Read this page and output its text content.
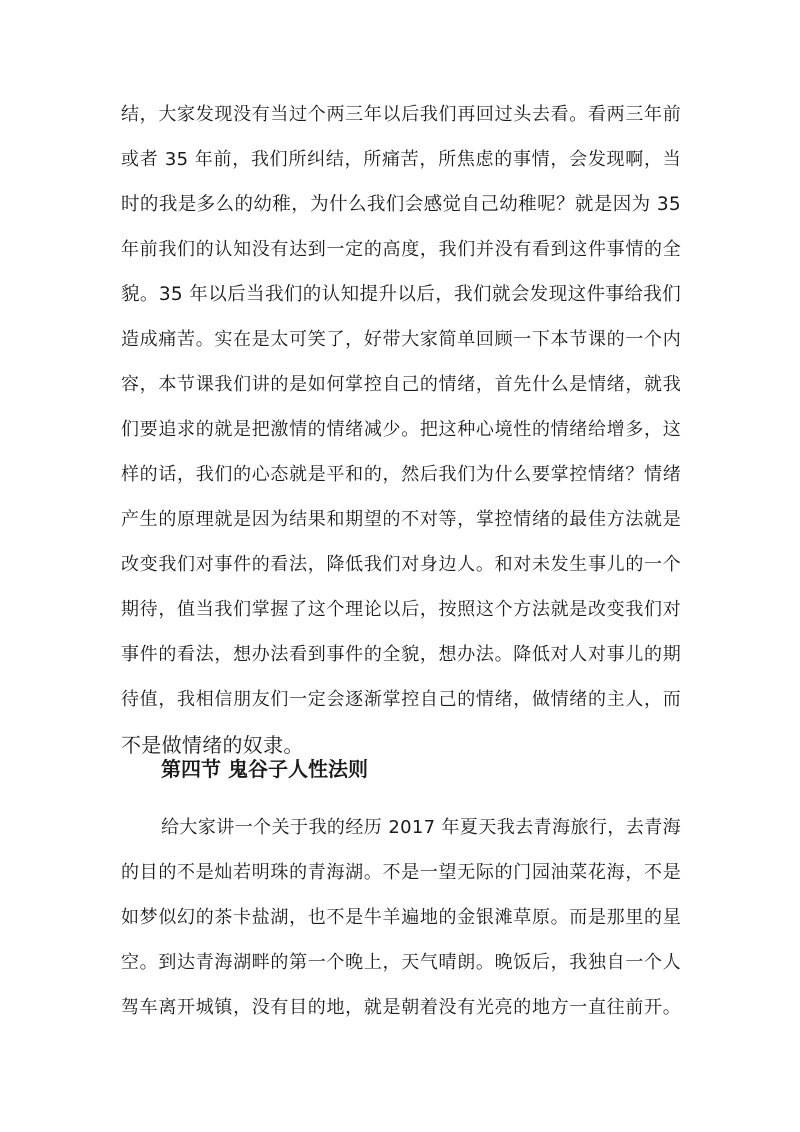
结，大家发现没有当过个两三年以后我们再回过头去看。看两三年前
或者 35 年前，我们所纠结，所痛苦，所焦虑的事情，会发现啊，当
时的我是多么的幼稚，为什么我们会感觉自己幼稚呢？就是因为 35
年前我们的认知没有达到一定的高度，我们并没有看到这件事情的全
貌。35 年以后当我们的认知提升以后，我们就会发现这件事给我们
造成痛苦。实在是太可笑了，好带大家简单回顾一下本节课的一个内
容，本节课我们讲的是如何掌控自己的情绪，首先什么是情绪，就我
们要追求的就是把激情的情绪减少。把这种心境性的情绪给增多，这
样的话，我们的心态就是平和的，然后我们为什么要掌控情绪？情绪
产生的原理就是因为结果和期望的不对等，掌控情绪的最佳方法就是
改变我们对事件的看法，降低我们对身边人。和对未发生事儿的一个
期待，值当我们掌握了这个理论以后，按照这个方法就是改变我们对
事件的看法，想办法看到事件的全貌，想办法。降低对人对事儿的期
待值，我相信朋友们一定会逐渐掌控自己的情绪，做情绪的主人，而
不是做情绪的奴隶。
第四节 鬼谷子人性法则
给大家讲一个关于我的经历 2017 年夏天我去青海旅行，去青海
的目的不是灿若明珠的青海湖。不是一望无际的门园油菜花海，不是
如梦似幻的茶卡盐湖，也不是牛羊遍地的金银滩草原。而是那里的星
空。到达青海湖畔的第一个晚上，天气晴朗。晚饭后，我独自一个人
驾车离开城镇，没有目的地，就是朝着没有光亮的地方一直往前开。
